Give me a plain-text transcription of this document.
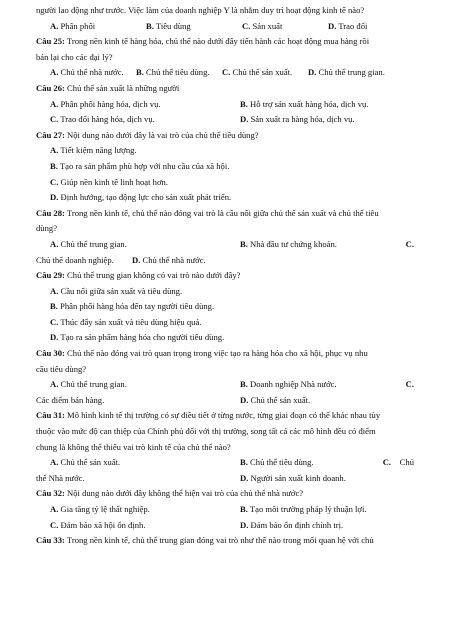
người lao động như trước. Việc làm của doanh nghiệp Y là nhằm duy trì hoạt động kinh tế nào?
A. Phân phối	B. Tiêu dùng	C. Sản xuất	D. Trao đổi
Câu 25: Trong nền kinh tế hàng hóa, chủ thể nào dưới đây tiến hành các hoạt động mua hàng rồi
bán lại cho các đại lý?
A. Chủ thể nhà nước.	B. Chủ thể tiêu dùng.	C. Chủ thể sản xuất.	D. Chủ thể trung gian.
Câu 26: Chủ thể sản xuất là những người
A. Phân phối hàng hóa, dịch vụ.	B. Hỗ trợ sản xuất hàng hóa, dịch vụ.
C. Trao đổi hàng hóa, dịch vụ.	D. Sản xuất ra hàng hóa, dịch vụ.
Câu 27: Nội dung nào dưới đây là vai trò của chủ thể tiêu dùng?
A. Tiết kiệm năng lượng.
B. Tạo ra sản phẩm phù hợp với nhu cầu của xã hội.
C. Giúp nền kinh tế linh hoạt hơn.
D. Định hướng, tạo động lực cho sản xuất phát triển.
Câu 28: Trong nền kinh tế, chủ thể nào đóng vai trò là cầu nối giữa chủ thể sản xuất và chủ thể tiêu
dùng?
A. Chủ thể trung gian.	B. Nhà đầu tư chứng khoán.	C.
Chủ thể doanh nghiệp.	D. Chủ thể nhà nước.
Câu 29: Chủ thể trung gian không có vai trò nào dưới đây?
A. Cầu nối giữa sản xuất và tiêu dùng.
B. Phân phối hàng hóa đến tay người tiêu dùng.
C. Thúc đẩy sản xuất và tiêu dùng hiệu quả.
D. Tạo ra sản phẩm hàng hóa cho người tiêu dùng.
Câu 30: Chủ thể nào đóng vai trò quan trọng trong việc tạo ra hàng hóa cho xã hội, phục vụ nhu
cầu tiêu dùng?
A. Chủ thể trung gian.	B. Doanh nghiệp Nhà nước.	C.
Các điểm bán hàng.	D. Chủ thể sản xuất.
Câu 31: Mô hình kinh tế thị trường có sự điều tiết ở từng nước, từng giai đoạn có thể khác nhau tùy
thuộc vào mức độ can thiệp của Chính phủ đối với thị trường, song tất cả các mô hình đều có điểm
chung là không thể thiếu vai trò kinh tế của chủ thể nào?
A. Chủ thể sản xuất.	B. Chủ thể tiêu dùng.	C. Chủ
thể Nhà nước.	D. Người sản xuất kinh doanh.
Câu 32: Nội dung nào dưới đây không thể hiện vai trò của chủ thể nhà nước?
A. Gia tăng tỷ lệ thất nghiệp.	B. Tạo môi trường pháp lý thuận lợi.
C. Đảm bảo xã hội ổn định.	D. Đảm bảo ổn định chính trị.
Câu 33: Trong nền kinh tế, chủ thể trung gian đóng vai trò như thế nào trong mối quan hệ với chủ
